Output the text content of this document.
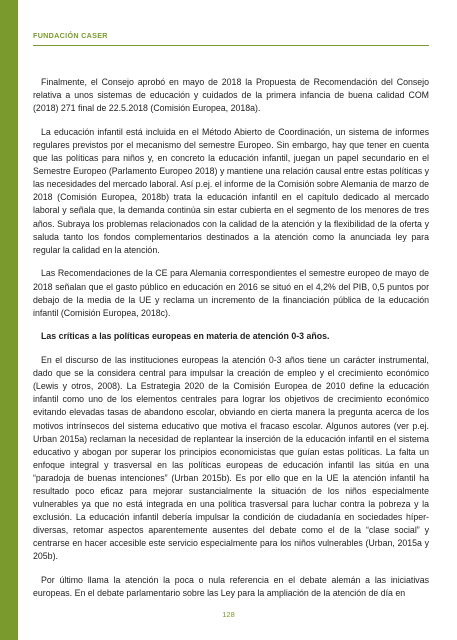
FUNDACIÓN CASER

Finalmente, el Consejo aprobó en mayo de 2018 la Propuesta de Recomendación del Consejo relativa a unos sistemas de educación y cuidados de la primera infancia de buena calidad COM (2018) 271 final de 22.5.2018 (Comisión Europea, 2018a).

La educación infantil está incluida en el Método Abierto de Coordinación, un sistema de informes regulares previstos por el mecanismo del semestre Europeo. Sin embargo, hay que tener en cuenta que las políticas para niños y, en concreto la educación infantil, juegan un papel secundario en el Semestre Europeo (Parlamento Europeo 2018) y mantiene una relación causal entre estas políticas y las necesidades del mercado laboral. Así p.ej. el informe de la Comisión sobre Alemania de marzo de 2018 (Comisión Europea, 2018b) trata la educación infantil en el capítulo dedicado al mercado laboral y señala que, la demanda continúa sin estar cubierta en el segmento de los menores de tres años. Subraya los problemas relacionados con la calidad de la atención y la flexibilidad de la oferta y saluda tanto los fondos complementarios destinados a la atención como la anunciada ley para regular la calidad en la atención.

Las Recomendaciones de la CE para Alemania correspondientes el semestre europeo de mayo de 2018 señalan que el gasto público en educación en 2016 se situó en el 4,2% del PIB, 0,5 puntos por debajo de la media de la UE y reclama un incremento de la financiación pública de la educación infantil (Comisión Europea, 2018c).

Las críticas a las políticas europeas en materia de atención 0-3 años.

En el discurso de las instituciones europeas la atención 0-3 años tiene un carácter instrumental, dado que se la considera central para impulsar la creación de empleo y el crecimiento económico (Lewis y otros, 2008). La Estrategia 2020 de la Comisión Europea de 2010 define la educación infantil como uno de los elementos centrales para lograr los objetivos de crecimiento económico evitando elevadas tasas de abandono escolar, obviando en cierta manera la pregunta acerca de los motivos intrínsecos del sistema educativo que motiva el fracaso escolar. Algunos autores (ver p.ej. Urban 2015a) reclaman la necesidad de replantear la inserción de la educación infantil en el sistema educativo y abogan por superar los principios economicistas que guían estas políticas. La falta un enfoque integral y trasversal en las políticas europeas de educación infantil las sitúa en una “paradoja de buenas intenciones” (Urban 2015b). Es por ello que en la UE la atención infantil ha resultado poco eficaz para mejorar sustancialmente la situación de los niños especialmente vulnerables ya que no está integrada en una política trasversal para luchar contra la pobreza y la exclusión. La educación infantil debería impulsar la condición de ciudadanía en sociedades híper-diversas, retomar aspectos aparentemente ausentes del debate como el de la “clase social” y centrarse en hacer accesible este servicio especialmente para los niños vulnerables (Urban, 2015a y 205b).

Por último llama la atención la poca o nula referencia en el debate alemán a las iniciativas europeas. En el debate parlamentario sobre las Ley para la ampliación de la atención de día en

128
